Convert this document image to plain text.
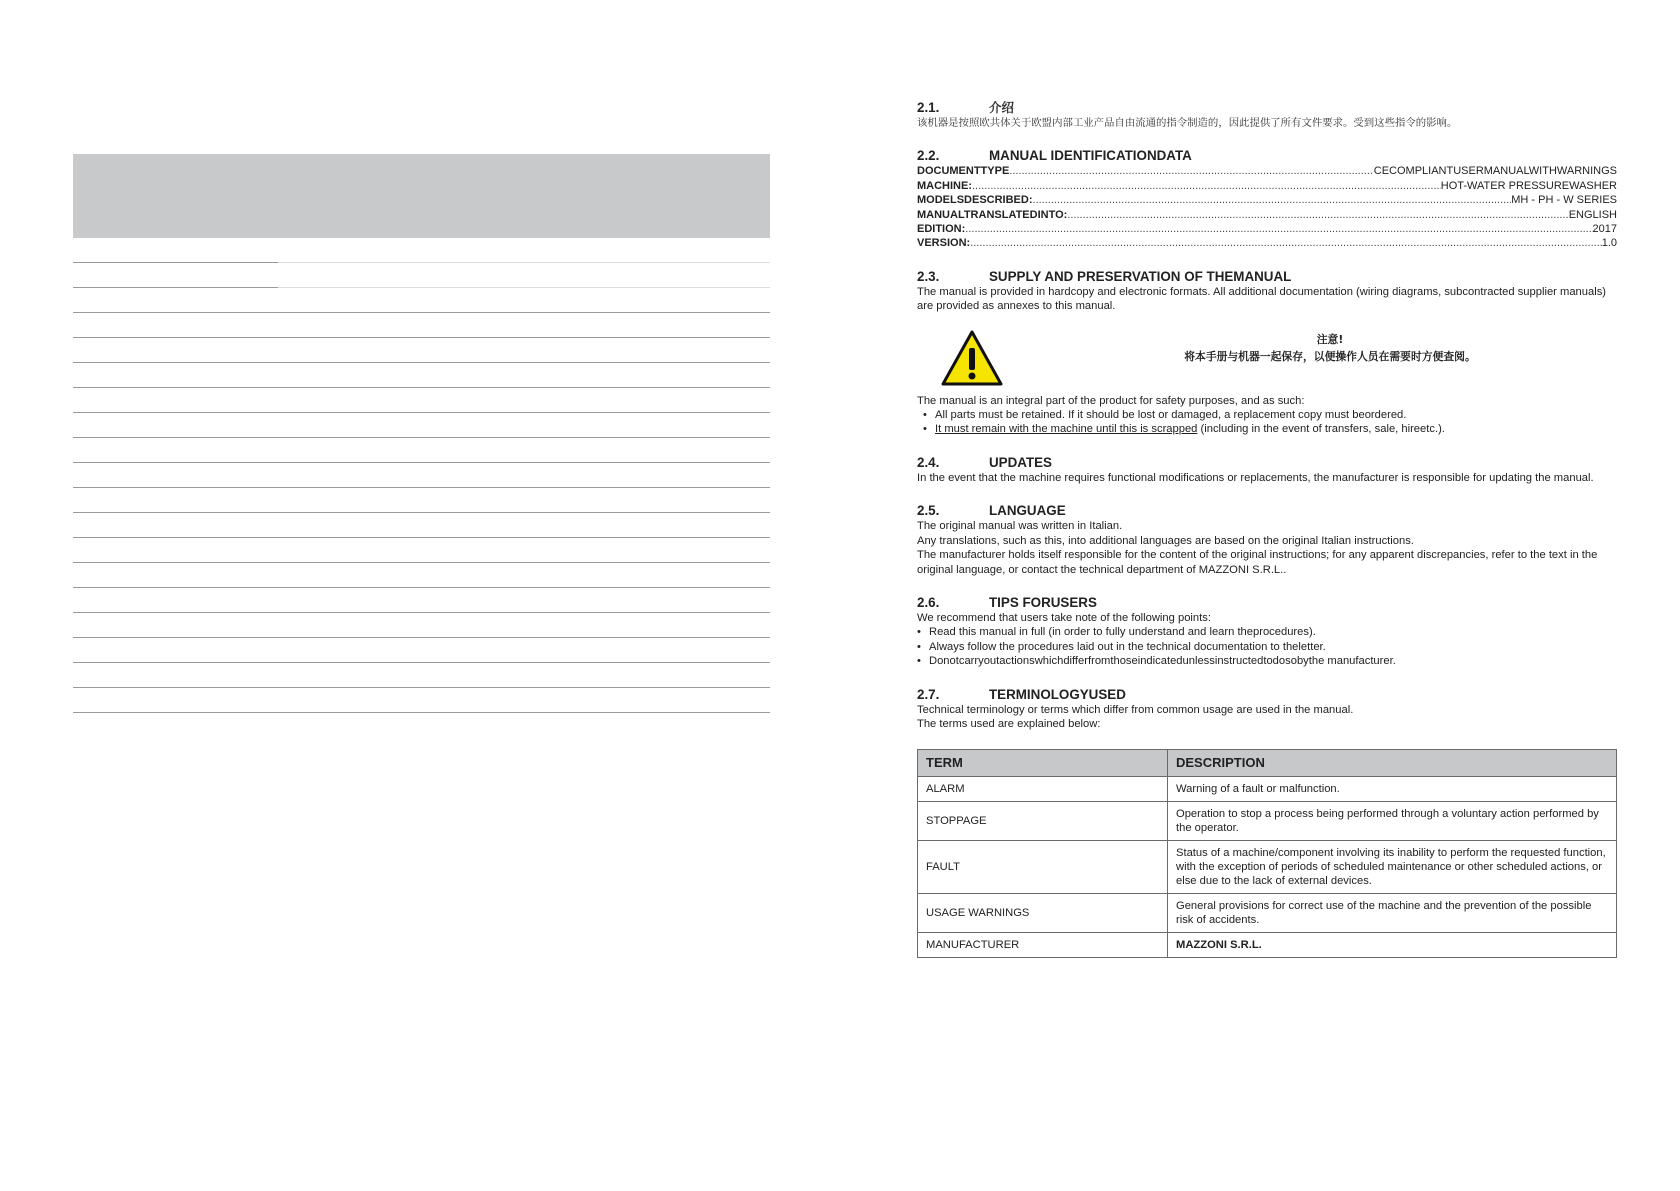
2.1.	介绍

该机器是按照欧共体关于欧盟内部工业产品自由流通的指令制造的，因此提供了所有文件要求。受到这些指令的影响。

2.2.	MANUAL IDENTIFICATIONDATA
DOCUMENTTYPE .....	CECOMPLIANTUSERMANUALWITHWARNINGS
MACHINE: .....	HOT-WATER PRESSUREWASHER
MODELSDESCRIBED: .....	MH - PH - W SERIES
MANUALTRANSLATEDINTO: .....	ENGLISH
EDITION: .....	2017
VERSION: .....	1.0
2.3.	SUPPLY AND PRESERVATION OF THEMANUAL

The manual is provided in hardcopy and electronic formats. All additional documentation (wiring diagrams, subcontracted supplier manuals) are provided as annexes to this manual.

注意!
将本手册与机器一起保存，以便操作人员在需要时方便查阅。

The manual is an integral part of the product for safety purposes, and as such:

• All parts must be retained. If it should be lost or damaged, a replacement copy must beordered.
• It must remain with the machine until this is scrapped (including in the event of transfers, sale, hireetc.).
2.4.	UPDATES

In the event that the machine requires functional modifications or replacements, the manufacturer is responsible for updating the manual.

2.5.	LANGUAGE

The original manual was written in Italian.

Any translations, such as this, into additional languages are based on the original Italian instructions.

The manufacturer holds itself responsible for the content of the original instructions; for any apparent discrepancies, refer to the text in the original language, or contact the technical department of MAZZONI S.R.L..

2.6.	TIPS FORUSERS

We recommend that users take note of the following points:

• Read this manual in full (in order to fully understand and learn theprocedures).
• Always follow the procedures laid out in the technical documentation to theletter.
• Donotcarryoutactionswhichdifferfromthoseindicatedunlessinstructedtodosobythe manufacturer.
2.7.	TERMINOLOGYUSED

Technical terminology or terms which differ from common usage are used in the manual.

The terms used are explained below:

TERM	DESCRIPTION
ALARM	Warning of a fault or malfunction.
STOPPAGE	Operation to stop a process being performed through a voluntary action performed by the operator.
FAULT	Status of a machine/component involving its inability to perform the requested function, with the exception of periods of scheduled maintenance or other scheduled actions, or else due to the lack of external devices.
USAGE WARNINGS	General provisions for correct use of the machine and the prevention of the possible risk of accidents.
MANUFACTURER	MAZZONI S.R.L.
